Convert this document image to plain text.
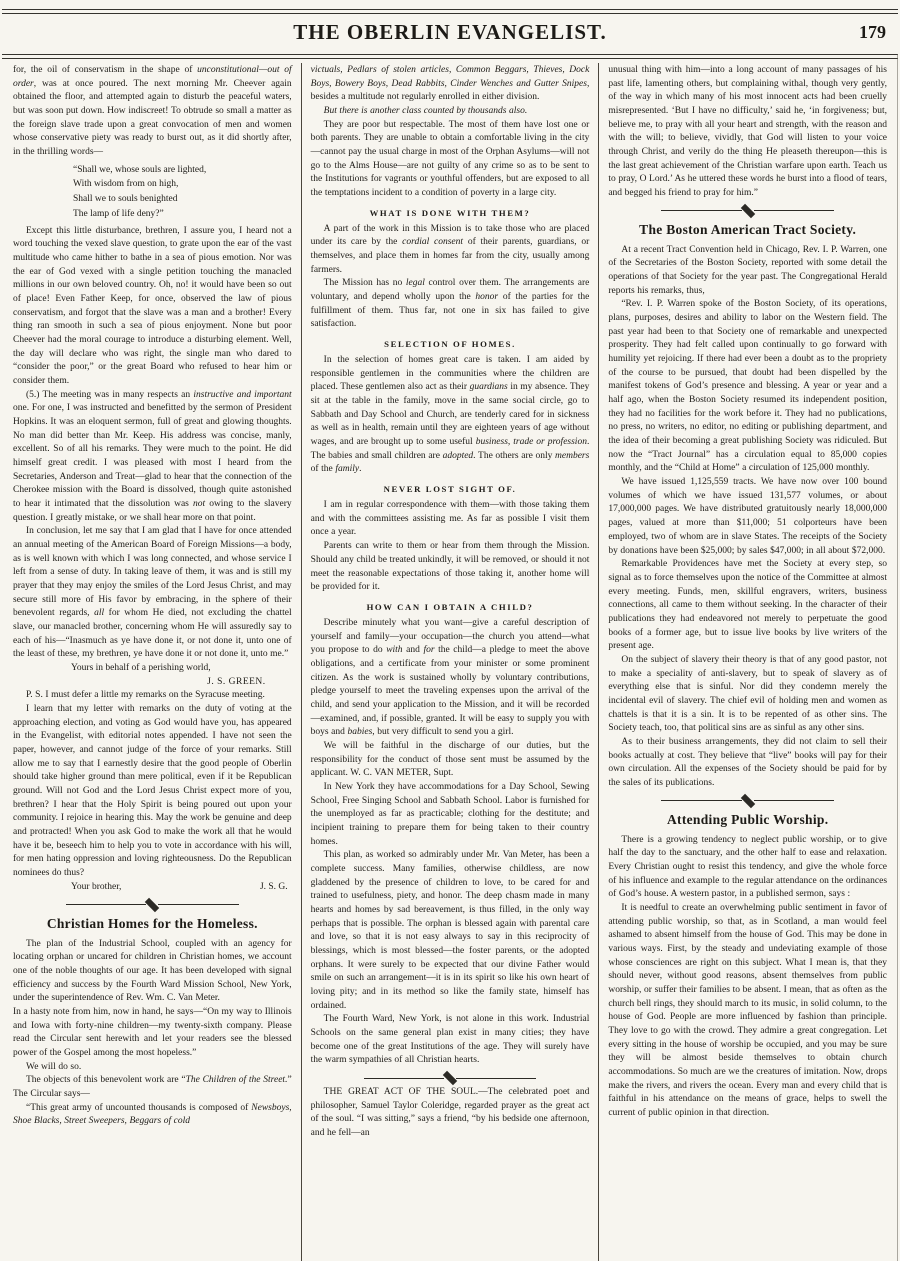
THE OBERLIN EVANGELIST.	179

for, the oil of conservatism in the shape of unconstitutional—out of order, was at once poured. The next morning Mr. Cheever again obtained the floor, and attempted again to disturb the peaceful waters, but was soon put down. How indiscreet! To obtrude so small a matter as the foreign slave trade upon a great convocation of men and women whose conservative piety was ready to burst out, as it did shortly after, in the thrilling words—

“Shall we, whose souls are lighted,
With wisdom from on high,
Shall we to souls benighted
The lamp of life deny?”

Except this little disturbance, brethren, I assure you, I heard not a word touching the vexed slave question, to grate upon the ear of the vast multitude who came hither to bathe in a sea of pious emotion. Nor was the ear of God vexed with a single petition touching the manacled millions in our own beloved country. Oh, no! it would have been so out of place! Even Father Keep, for once, observed the law of pious conservatism, and forgot that the slave was a man and a brother! Every thing ran smooth in such a sea of pious enjoyment. None but poor Cheever had the moral courage to introduce a disturbing element. Well, the day will declare who was right, the single man who dared to “consider the poor,” or the great Board who refused to hear him or consider them.

(5.) The meeting was in many respects an instructive and important one. For one, I was instructed and benefitted by the sermon of President Hopkins. It was an eloquent sermon, full of great and glowing thoughts. No man did better than Mr. Keep. His address was concise, manly, excellent. So of all his remarks. They were much to the point. He did himself great credit. I was pleased with most I heard from the Secretaries, Anderson and Treat—glad to hear that the connection of the Cherokee mission with the Board is dissolved, though quite astonished to hear it intimated that the dissolution was not owing to the slavery question. I greatly mistake, or we shall hear more on that point.

In conclusion, let me say that I am glad that I have for once attended an annual meeting of the American Board of Foreign Missions—a body, as is well known with which I was long connected, and whose service I left from a sense of duty. In taking leave of them, it was and is still my prayer that they may enjoy the smiles of the Lord Jesus Christ, and may secure still more of His favor by embracing, in the sphere of their benevolent regards, all for whom He died, not excluding the chattel slave, our manacled brother, concerning whom He will assuredly say to each of his—“Inasmuch as ye have done it, or not done it, unto one of the least of these, my brethren, ye have done it or not done it, unto me.”

Yours in behalf of a perishing world,
J. S. GREEN.

P. S. I must defer a little my remarks on the Syracuse meeting.

I learn that my letter with remarks on the duty of voting at the approaching election, and voting as God would have you, has appeared in the Evangelist, with editorial notes appended. I have not seen the paper, however, and cannot judge of the force of your remarks. Still allow me to say that I earnestly desire that the good people of Oberlin should take higher ground than mere political, even if it be Republican ground. Will not God and the Lord Jesus Christ expect more of you, brethren? I hear that the Holy Spirit is being poured out upon your community. I rejoice in hearing this. May the work be genuine and deep and protracted! When you ask God to make the work all that he would have it be, beseech him to help you to vote in accordance with his will, for men hating oppression and loving righteousness. Do the Republican nominees do thus?

Your brother,	J. S. G.
Christian Homes for the Homeless.

The plan of the Industrial School, coupled with an agency for locating orphan or uncared for children in Christian homes, we account one of the noble thoughts of our age. It has been developed with signal efficiency and success by the Fourth Ward Mission School, New York, under the superintendence of Rev. Wm. C. Van Meter.

In a hasty note from him, now in hand, he says—“On my way to Illinois and Iowa with forty-nine children—my twenty-sixth company. Please read the Circular sent herewith and let your readers see the blessed power of the Gospel among the most hopeless.”

We will do so.

The objects of this benevolent work are “The Children of the Street.” The Circular says—

“This great army of uncounted thousands is composed of Newsboys, Shoe Blacks, Street Sweepers, Beggars of cold

victuals, Pedlars of stolen articles, Common Beggars, Thieves, Dock Boys, Bowery Boys, Dead Rabbits, Cinder Wenches and Gutter Snipes, besides a multitude not regularly enrolled in either division.

But there is another class counted by thousands also.

They are poor but respectable. The most of them have lost one or both parents. They are unable to obtain a comfortable living in the city—cannot pay the usual charge in most of the Orphan Asylums—will not go to the Alms House—are not guilty of any crime so as to be sent to the Institutions for vagrants or youthful offenders, but are exposed to all the temptations incident to a condition of poverty in a large city.

WHAT IS DONE WITH THEM?

A part of the work in this Mission is to take those who are placed under its care by the cordial consent of their parents, guardians, or themselves, and place them in homes far from the city, usually among farmers.

The Mission has no legal control over them. The arrangements are voluntary, and depend wholly upon the honor of the parties for the fulfillment of them. Thus far, not one in six has failed to give satisfaction.

SELECTION OF HOMES.

In the selection of homes great care is taken. I am aided by responsible gentlemen in the communities where the children are placed. These gentlemen also act as their guardians in my absence. They sit at the table in the family, move in the same social circle, go to Sabbath and Day School and Church, are tenderly cared for in sickness as well as in health, remain until they are eighteen years of age without wages, and are brought up to some useful business, trade or profession. The babies and small children are adopted. The others are only members of the family.

NEVER LOST SIGHT OF.

I am in regular correspondence with them—with those taking them and with the committees assisting me. As far as possible I visit them once a year.

Parents can write to them or hear from them through the Mission. Should any child be treated unkindly, it will be removed, or should it not meet the reasonable expectations of those taking it, another home will be provided for it.

HOW CAN I OBTAIN A CHILD?

Describe minutely what you want—give a careful description of yourself and family—your occupation—the church you attend—what you propose to do with and for the child—a pledge to meet the above obligations, and a certificate from your minister or some prominent citizen. As the work is sustained wholly by voluntary contributions, pledge yourself to meet the traveling expenses upon the arrival of the child, and send your application to the Mission, and it will be recorded—examined, and, if possible, granted. It will be easy to supply you with boys and babies, but very difficult to send you a girl.

We will be faithful in the discharge of our duties, but the responsibility for the conduct of those sent must be assumed by the applicant. W. C. VAN METER, Supt.

In New York they have accommodations for a Day School, Sewing School, Free Singing School and Sabbath School. Labor is furnished for the unemployed as far as practicable; clothing for the destitute; and incipient training to prepare them for being taken to their country homes.

This plan, as worked so admirably under Mr. Van Meter, has been a complete success. Many families, otherwise childless, are now gladdened by the presence of children to love, to be cared for and trained to usefulness, piety, and honor. The deep chasm made in many hearts and homes by sad bereavement, is thus filled, in the only way perhaps that is possible. The orphan is blessed again with parental care and love, so that it is not easy always to say in this reciprocity of blessings, which is most blessed—the foster parents, or the adopted orphans. It were surely to be expected that our divine Father would smile on such an arrangement—it is in its spirit so like his own heart of loving pity; and in its method so like the family state, himself has ordained.

The Fourth Ward, New York, is not alone in this work. Industrial Schools on the same general plan exist in many cities; they have become one of the great Institutions of the age. They will surely have the warm sympathies of all Christian hearts.

THE GREAT ACT OF THE SOUL.—The celebrated poet and philosopher, Samuel Taylor Coleridge, regarded prayer as the great act of the soul. “I was sitting,” says a friend, “by his bedside one afternoon, and he fell—an

unusual thing with him—into a long account of many passages of his past life, lamenting others, but complaining withal, though very gently, of the way in which many of his most innocent acts had been cruelly misrepresented. ‘But I have no difficulty,’ said he, ‘in forgiveness; but, believe me, to pray with all your heart and strength, with the reason and with the will; to believe, vividly, that God will listen to your voice through Christ, and verily do the thing He pleaseth thereupon—this is the last great achievement of the Christian warfare upon earth. Teach us to pray, O Lord.’ As he uttered these words he burst into a flood of tears, and begged his friend to pray for him.”

The Boston American Tract Society.

At a recent Tract Convention held in Chicago, Rev. I. P. Warren, one of the Secretaries of the Boston Society, reported with some detail the operations of that Society for the year past. The Congregational Herald reports his remarks, thus,

“Rev. I. P. Warren spoke of the Boston Society, of its operations, plans, purposes, desires and ability to labor on the Western field. The past year had been to that Society one of remarkable and unexpected prosperity. They had felt called upon continually to go forward with humility yet rejoicing. If there had ever been a doubt as to the propriety of the course to be pursued, that doubt had been dispelled by the manifest tokens of God’s presence and blessing. A year or year and a half ago, when the Boston Society resumed its independent position, they had no facilities for the work before it. They had no publications, no press, no writers, no editor, no editing or publishing department, and the idea of their becoming a great publishing Society was ridiculed. But now the “Tract Journal” has a circulation equal to 85,000 copies monthly, and the “Child at Home” a circulation of 125,000 monthly.

We have issued 1,125,559 tracts. We have now over 100 bound volumes of which we have issued 131,577 volumes, or about 17,000,000 pages. We have distributed gratuitously nearly 18,000,000 pages, valued at more than $11,000; 51 colporteurs have been employed, two of whom are in slave States. The receipts of the Society by donations have been $25,000; by sales $47,000; in all about $72,000.

Remarkable Providences have met the Society at every step, so signal as to force themselves upon the notice of the Committee at almost every meeting. Funds, men, skillful engravers, writers, business connections, all came to them without seeking. In the character of their publications they had endeavored not merely to perpetuate the good books of a former age, but to issue live books by live writers of the present age.

On the subject of slavery their theory is that of any good pastor, not to make a speciality of anti-slavery, but to speak of slavery as of everything else that is sinful. Nor did they condemn merely the incidental evil of slavery. The chief evil of holding men and women as chattels is that it is a sin. It is to be repented of as other sins. The Society teach, too, that political sins are as sinful as any other sins.

As to their business arrangements, they did not claim to sell their books actually at cost. They believe that “live” books will pay for their own circulation. All the expenses of the Society should be paid for by the sales of its publications.

Attending Public Worship.

There is a growing tendency to neglect public worship, or to give half the day to the sanctuary, and the other half to ease and relaxation. Every Christian ought to resist this tendency, and give the whole force of his influence and example to the regular attendance on the ordinances of God’s house. A western pastor, in a published sermon, says :

It is needful to create an overwhelming public sentiment in favor of attending public worship, so that, as in Scotland, a man would feel ashamed to absent himself from the house of God. This may be done in various ways. First, by the steady and undeviating example of those whose consciences are right on this subject. What I mean is, that they should never, without good reasons, absent themselves from public worship, or suffer their families to be absent. I mean, that as often as the church bell rings, they should march to its music, in solid column, to the house of God. People are more influenced by fashion than principle. They love to go with the crowd. They admire a great congregation. Let every sitting in the house of worship be occupied, and you may be sure they will be almost beside themselves to obtain church accommodations. So much are we the creatures of imitation. Now, drops make the rivers, and rivers the ocean. Every man and every child that is faithful in his attendance on the means of grace, helps to swell the current of public opinion in that direction.
